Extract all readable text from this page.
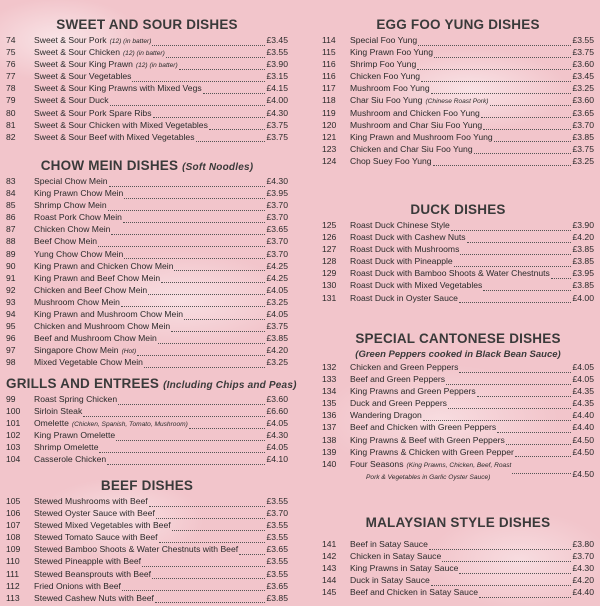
SWEET AND SOUR DISHES
74	Sweet & Sour Pork (12) (in batter)	£3.45
75	Sweet & Sour Chicken (12) (in batter)	£3.55
76	Sweet & Sour King Prawn (12) (in batter)	£3.90
77	Sweet & Sour Vegetables	£3.15
78	Sweet & Sour King Prawns with Mixed Vegs	£4.15
79	Sweet & Sour Duck	£4.00
80	Sweet & Sour Pork Spare Ribs	£4.30
81	Sweet & Sour Chicken with Mixed Vegetables	£3.75
82	Sweet & Sour Beef with Mixed Vegetables	£3.75
CHOW MEIN DISHES (Soft Noodles)
83	Special Chow Mein	£4.30
84	King Prawn Chow Mein	£3.95
85	Shrimp Chow Mein	£3.70
86	Roast Pork Chow Mein	£3.70
87	Chicken Chow Mein	£3.65
88	Beef Chow Mein	£3.70
89	Yung Chow Chow Mein	£3.70
90	King Prawn and Chicken Chow Mein	£4.25
91	King Prawn and Beef Chow Mein	£4.25
92	Chicken and Beef Chow Mein	£4.05
93	Mushroom Chow Mein	£3.25
94	King Prawn and Mushroom Chow Mein	£4.05
95	Chicken and Mushroom Chow Mein	£3.75
96	Beef and Mushroom Chow Mein	£3.85
97	Singapore Chow Mein (Hot)	£4.20
98	Mixed Vegetable Chow Mein	£3.25
GRILLS AND ENTREES (Including Chips and Peas)
99	Roast Spring Chicken	£3.60
100	Sirloin Steak	£6.60
101	Omelette (Chicken, Spanish, Tomato, Mushroom)	£4.05
102	King Prawn Omelette	£4.30
103	Shrimp Omelette	£4.05
104	Casserole Chicken	£4.10
BEEF DISHES
105	Stewed Mushrooms with Beef	£3.55
106	Stewed Oyster Sauce with Beef	£3.70
107	Stewed Mixed Vegetables with Beef	£3.55
108	Stewed Tomato Sauce with Beef	£3.55
109	Stewed Bamboo Shoots & Water Chestnuts with Beef	£3.65
110	Stewed Pineapple with Beef	£3.55
111	Stewed Beansprouts with Beef	£3.55
112	Fried Onions with Beef	£3.65
113	Stewed Cashew Nuts with Beef	£3.85
EGG FOO YUNG DISHES
114	Special Foo Yung	£3.55
115	King Prawn Foo Yung	£3.75
116	Shrimp Foo Yung	£3.60
116	Chicken Foo Yung	£3.45
117	Mushroom Foo Yung	£3.25
118	Char Siu Foo Yung (Chinese Roast Pork)	£3.60
119	Mushroom and Chicken Foo Yung	£3.65
120	Mushroom and Char Siu Foo Yung	£3.70
121	King Prawn and Mushroom Foo Yung	£3.85
123	Chicken and Char Siu Foo Yung	£3.75
124	Chop Suey Foo Yung	£3.25
DUCK DISHES
125	Roast Duck Chinese Style	£3.90
126	Roast Duck with Cashew Nuts	£4.20
127	Roast Duck with Mushrooms	£3.85
128	Roast Duck with Pineapple	£3.85
129	Roast Duck with Bamboo Shoots & Water Chestnuts	£3.95
130	Roast Duck with Mixed Vegetables	£3.85
131	Roast Duck in Oyster Sauce	£4.00
SPECIAL CANTONESE DISHES
(Green Peppers cooked in Black Bean Sauce)
132	Chicken and Green Peppers	£4.05
133	Beef and Green Peppers	£4.05
134	King Prawns and Green Peppers	£4.35
135	Duck and Green Peppers	£4.35
136	Wandering Dragon	£4.40
137	Beef and Chicken with Green Peppers	£4.40
138	King Prawns & Beef with Green Peppers	£4.50
139	King Prawns & Chicken with Green Pepper	£4.50
140	Four Seasons (King Prawns, Chicken, Beef, Roast
Pork & Vegetables in Garlic Oyster Sauce)	£4.50
MALAYSIAN STYLE DISHES
141	Beef in Satay Sauce	£3.80
142	Chicken in Satay Sauce	£3.70
143	King Prawns in Satay Sauce	£4.30
144	Duck in Satay Sauce	£4.20
145	Beef and Chicken in Satay Sauce	£4.40
